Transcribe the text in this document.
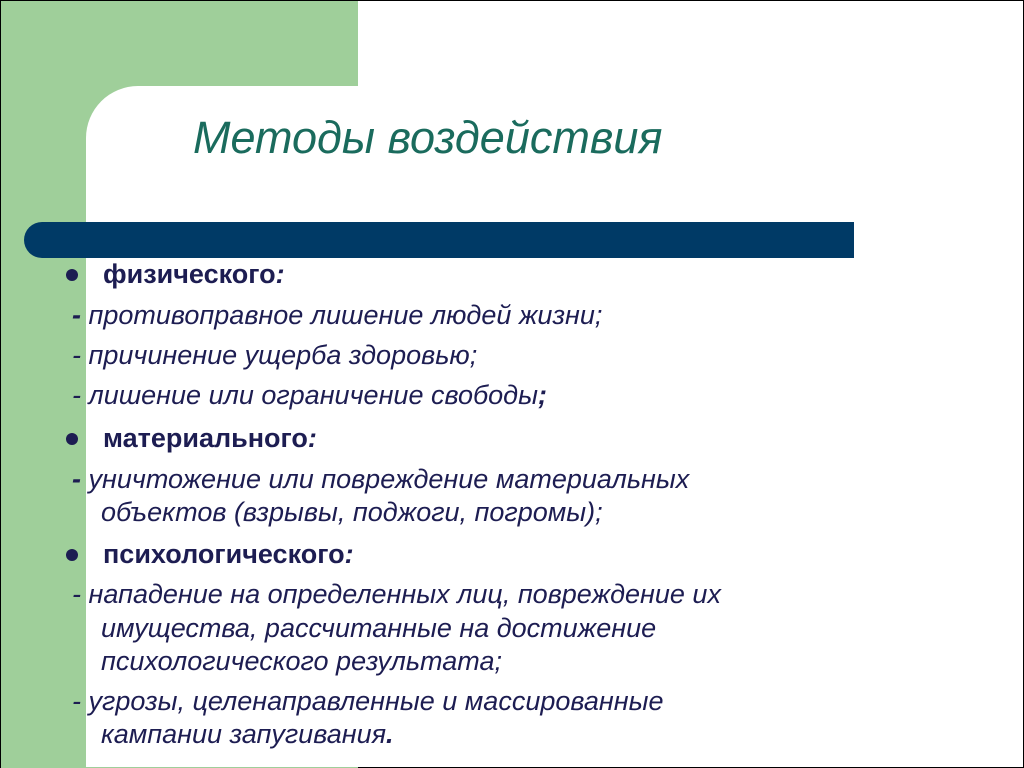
Методы воздействия
физического:
- противоправное лишение людей жизни;
- причинение ущерба здоровью;
- лишение или ограничение свободы;
материального:
- уничтожение или повреждение материальных
объектов (взрывы, поджоги, погромы);
психологического:
- нападение на определенных лиц, повреждение их
имущества, рассчитанные на достижение
психологического результата;
- угрозы, целенаправленные и массированные
кампании запугивания.
